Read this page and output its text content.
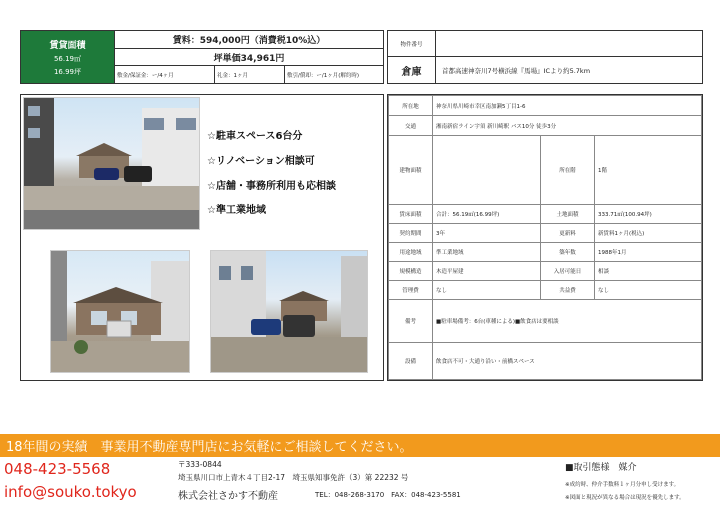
賃貸面積
56.19㎡
16.99坪
賃料：594,000円（消費税10%込）
坪単価34,961円
敷金/保証金：ー/4ヶ月	礼金：1ヶ月	敷引/償却：ー/1ヶ月(解約時)
物件番号
倉庫	首都高速神奈川7号横浜線『馬場』ICより約5.7km
☆駐車スペース6台分
☆リノベーション相談可
☆店舗・事務所利用も応相談
☆準工業地域
所在地	神奈川県川崎市幸区南加瀬5丁目1-6		
交通	湘南新宿ライン宇須 新川崎駅 バス10分 徒歩3分		
建物面積		所在階	1階
賃床面積	合計：56.19㎡(16.99坪)	土地面積	333.71㎡(100.94坪)
契約期間	3年	更新料	新賃料1ヶ月(税込)
用途地域	準工業地域	築年数	1988年1月
規模構造	木造平屋建	入居可能日	相談
管理費	なし	共益費	なし
備考	■駐車場備考：6台(車種による)■飲食店は要相談		
設備	飲食店不可・大通り沿い・前橋スペース		
18年間の実績　事業用不動産専門店にお気軽にご相談してください。
048-423-5568
info@souko.tokyo
〒333-0844
埼玉県川口市上青木４丁目2-17　埼玉県知事免許（3）第 22232 号
株式会社さかす不動産	TEL：048-268-3170　FAX：048-423-5581
■取引態様　媒介
※成約時、仲介手数料１ヶ月分申し受けます。
※図面と現況が異なる場合は現況を優先します。
